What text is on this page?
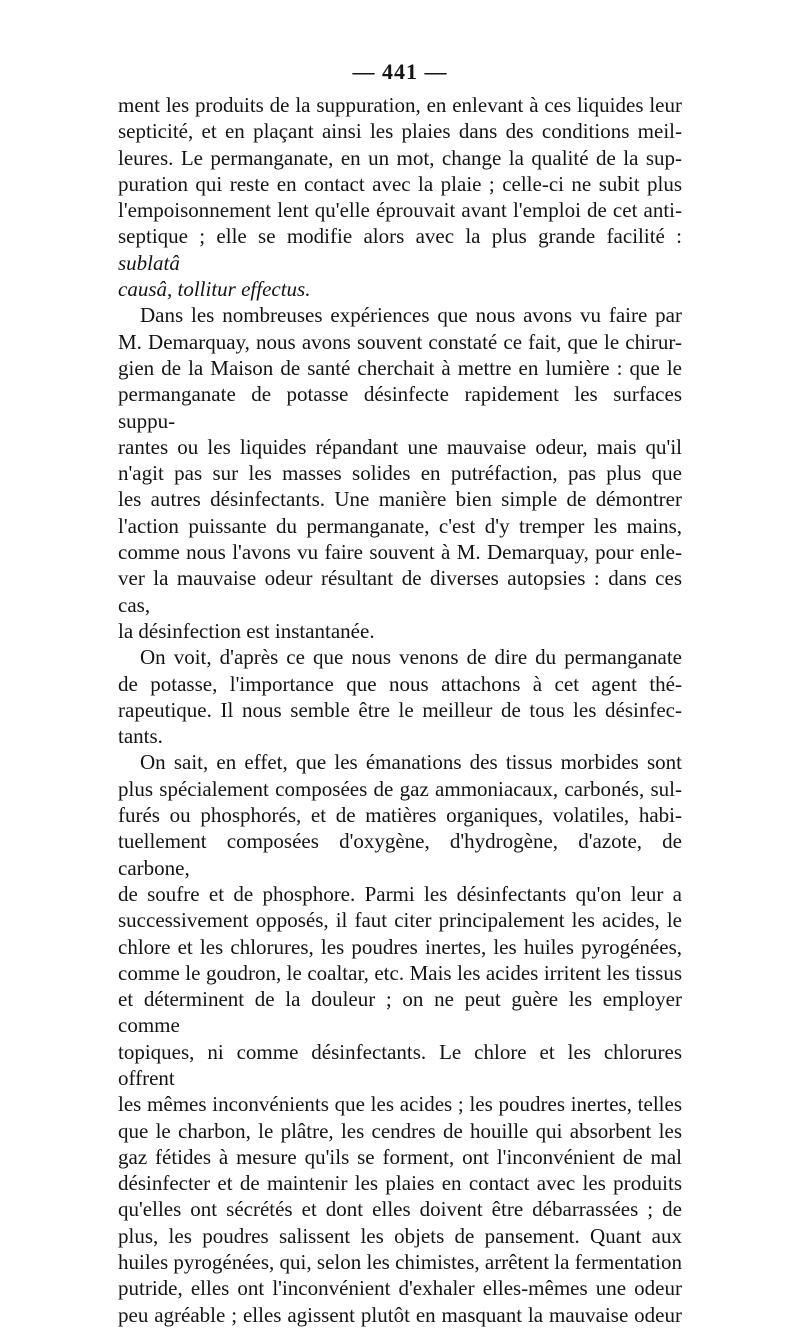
— 441 —

ment les produits de la suppuration, en enlevant à ces liquides leur

septicité, et en plaçant ainsi les plaies dans des conditions meil-

leures. Le permanganate, en un mot, change la qualité de la sup-

puration qui reste en contact avec la plaie ; celle-ci ne subit plus

l'empoisonnement lent qu'elle éprouvait avant l'emploi de cet anti-

septique ; elle se modifie alors avec la plus grande facilité : sublatâ

causâ, tollitur effectus.

Dans les nombreuses expériences que nous avons vu faire par

M. Demarquay, nous avons souvent constaté ce fait, que le chirur-

gien de la Maison de santé cherchait à mettre en lumière : que le

permanganate de potasse désinfecte rapidement les surfaces suppu-

rantes ou les liquides répandant une mauvaise odeur, mais qu'il

n'agit pas sur les masses solides en putréfaction, pas plus que

les autres désinfectants. Une manière bien simple de démontrer

l'action puissante du permanganate, c'est d'y tremper les mains,

comme nous l'avons vu faire souvent à M. Demarquay, pour enle-

ver la mauvaise odeur résultant de diverses autopsies : dans ces cas,

la désinfection est instantanée.

On voit, d'après ce que nous venons de dire du permanganate

de potasse, l'importance que nous attachons à cet agent thé-

rapeutique. Il nous semble être le meilleur de tous les désinfec-

tants.

On sait, en effet, que les émanations des tissus morbides sont

plus spécialement composées de gaz ammoniacaux, carbonés, sul-

furés ou phosphorés, et de matières organiques, volatiles, habi-

tuellement composées d'oxygène, d'hydrogène, d'azote, de carbone,

de soufre et de phosphore. Parmi les désinfectants qu'on leur a

successivement opposés, il faut citer principalement les acides, le

chlore et les chlorures, les poudres inertes, les huiles pyrogénées,

comme le goudron, le coaltar, etc. Mais les acides irritent les tissus

et déterminent de la douleur ; on ne peut guère les employer comme

topiques, ni comme désinfectants. Le chlore et les chlorures offrent

les mêmes inconvénients que les acides ; les poudres inertes, telles

que le charbon, le plâtre, les cendres de houille qui absorbent les

gaz fétides à mesure qu'ils se forment, ont l'inconvénient de mal

désinfecter et de maintenir les plaies en contact avec les produits

qu'elles ont sécrétés et dont elles doivent être débarrassées ; de

plus, les poudres salissent les objets de pansement. Quant aux

huiles pyrogénées, qui, selon les chimistes, arrêtent la fermentation

putride, elles ont l'inconvénient d'exhaler elles-mêmes une odeur

peu agréable ; elles agissent plutôt en masquant la mauvaise odeur
